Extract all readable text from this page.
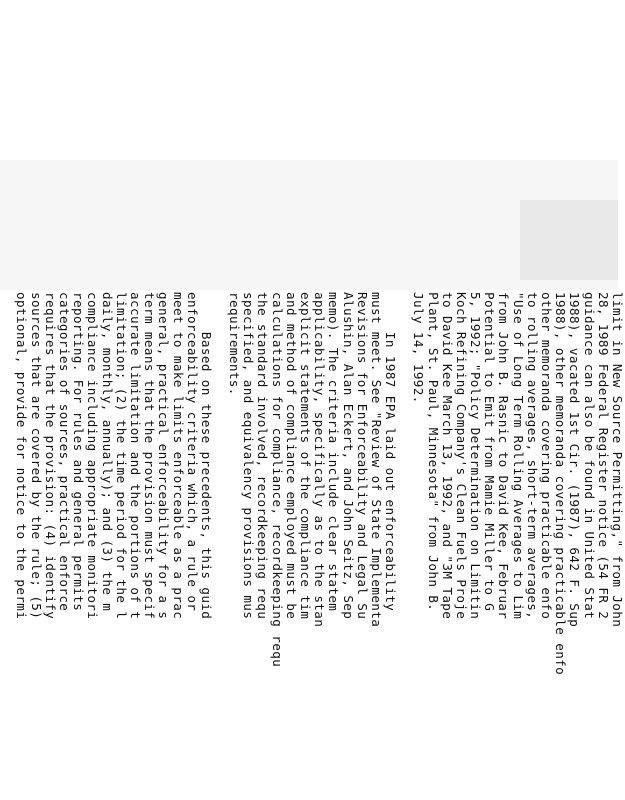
limit in New Source Permitting," from John
28, 1989 Federal Register notice (54 FR 2
guidance can also be found in United Stat
1988), vacated 1st Cir. (1987), 642 F. Sup
1988), other memoranda covering practicable enfo
other memoranda covering practicable enfo
to rolling averages, short-term averages,
"Use of Long Term Rolling Averages to Lim
from John B. Rasnic to David Kee, Februar
Potential to Emit from Mamie Miller to G
5, 1992; "Policy Determination on Limitin
Koch Refining Company's Clean Fuels Proje
to David Kee March 13, 1992, and "3M Tape
Plant, St. Paul, Minnesota" from John B.
July 14, 1992.
In 1987 EPA laid out enforceability
must meet. See "Review of State Implementa
Revisions for Enforceability and Legal Su
Alushin, Alan Eckert, and John Seitz, Sep
memo). The criteria include clear statem
applicability, specifically as to the stan
explicit statements of the compliance tim
and method of compliance employed must be
calculations for compliance, recordkeeping requ
the standard involved, recordkeeping requ
specified, and equivalency provisions mus
requirements.
Based on these precedents, this guid
enforceability criteria which, a rule or
meet to make limits enforceable as a prac
general, practical enforceability for a s
term means that the provision must specif
accurate limitation and the portions of t
limitation; (2) the time period for the l
daily, monthly, annually); and (3) the m
compliance including appropriate monitori
reporting. For rules and general permits
categories of sources, practical enforce
requires that the provision: (4) identify
sources that are covered by the rule; (5)
optional, provide for notice to the permi
